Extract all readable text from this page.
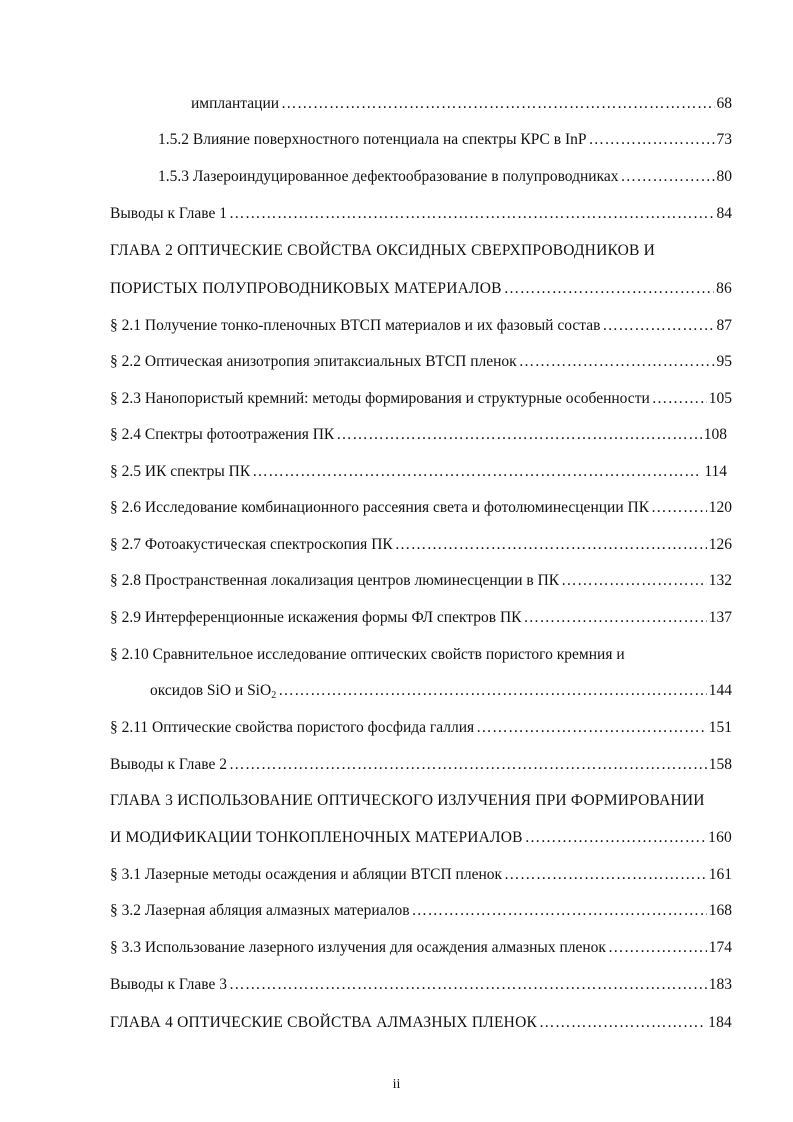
имплантации ………………………………………………………………………………………………………………………………………………………………………………	68
1.5.2 Влияние поверхностного потенциала на спектры КРС в InP ………………………………………………………………………………………………………………………………………………………………………………	73
1.5.3 Лазероиндуцированное дефектообразование в полупроводниках ………………………………………………………………………………………………………………………………………………………………………………	80
Выводы к Главе 1 ………………………………………………………………………………………………………………………………………………………………………………	84
ГЛАВА 2 ОПТИЧЕСКИЕ СВОЙСТВА ОКСИДНЫХ СВЕРХПРОВОДНИКОВ И
ПОРИСТЫХ ПОЛУПРОВОДНИКОВЫХ МАТЕРИАЛОВ ………………………………………………………………………………………………………………………………………………………………………………	86
§ 2.1 Получение тонко-пленочных ВТСП материалов и их фазовый состав ………………………………………………………………………………………………………………………………………………………………………………	87
§ 2.2 Оптическая анизотропия эпитаксиальных ВТСП пленок ………………………………………………………………………………………………………………………………………………………………………………	95
§ 2.3 Нанопористый кремний: методы формирования и структурные особенности ………………………………………………………………………………………………………………………………………………………………………………	105
§ 2.4 Спектры фотоотражения ПК ………………………………………………………………………………………………………………………………………………………………………………	108
§ 2.5 ИК спектры ПК ………………………………………………………………………………………………………………………………………………………………………………	114
§ 2.6 Исследование комбинационного рассеяния света и фотолюминесценции ПК ………………………………………………………………………………………………………………………………………………………………………………	120
§ 2.7 Фотоакустическая спектроскопия ПК ………………………………………………………………………………………………………………………………………………………………………………	126
§ 2.8 Пространственная локализация центров люминесценции в ПК ………………………………………………………………………………………………………………………………………………………………………………	132
§ 2.9 Интерференционные искажения формы ФЛ спектров ПК ………………………………………………………………………………………………………………………………………………………………………………	137
§ 2.10 Сравнительное исследование оптических свойств пористого кремния и
оксидов SiO и SiO$_2$ ………………………………………………………………………………………………………………………………………………………………………………	144
§ 2.11 Оптические свойства пористого фосфида галлия ………………………………………………………………………………………………………………………………………………………………………………	151
Выводы к Главе 2 ………………………………………………………………………………………………………………………………………………………………………………	158
ГЛАВА 3 ИСПОЛЬЗОВАНИЕ ОПТИЧЕСКОГО ИЗЛУЧЕНИЯ ПРИ ФОРМИРОВАНИИ
И МОДИФИКАЦИИ ТОНКОПЛЕНОЧНЫХ МАТЕРИАЛОВ ………………………………………………………………………………………………………………………………………………………………………………	160
§ 3.1 Лазерные методы осаждения и абляции ВТСП пленок ………………………………………………………………………………………………………………………………………………………………………………	161
§ 3.2 Лазерная абляция алмазных материалов ………………………………………………………………………………………………………………………………………………………………………………	168
§ 3.3 Использование лазерного излучения для осаждения алмазных пленок ………………………………………………………………………………………………………………………………………………………………………………	174
Выводы к Главе 3 ………………………………………………………………………………………………………………………………………………………………………………	183
ГЛАВА 4 ОПТИЧЕСКИЕ СВОЙСТВА АЛМАЗНЫХ ПЛЕНОК ………………………………………………………………………………………………………………………………………………………………………………	184
ii
